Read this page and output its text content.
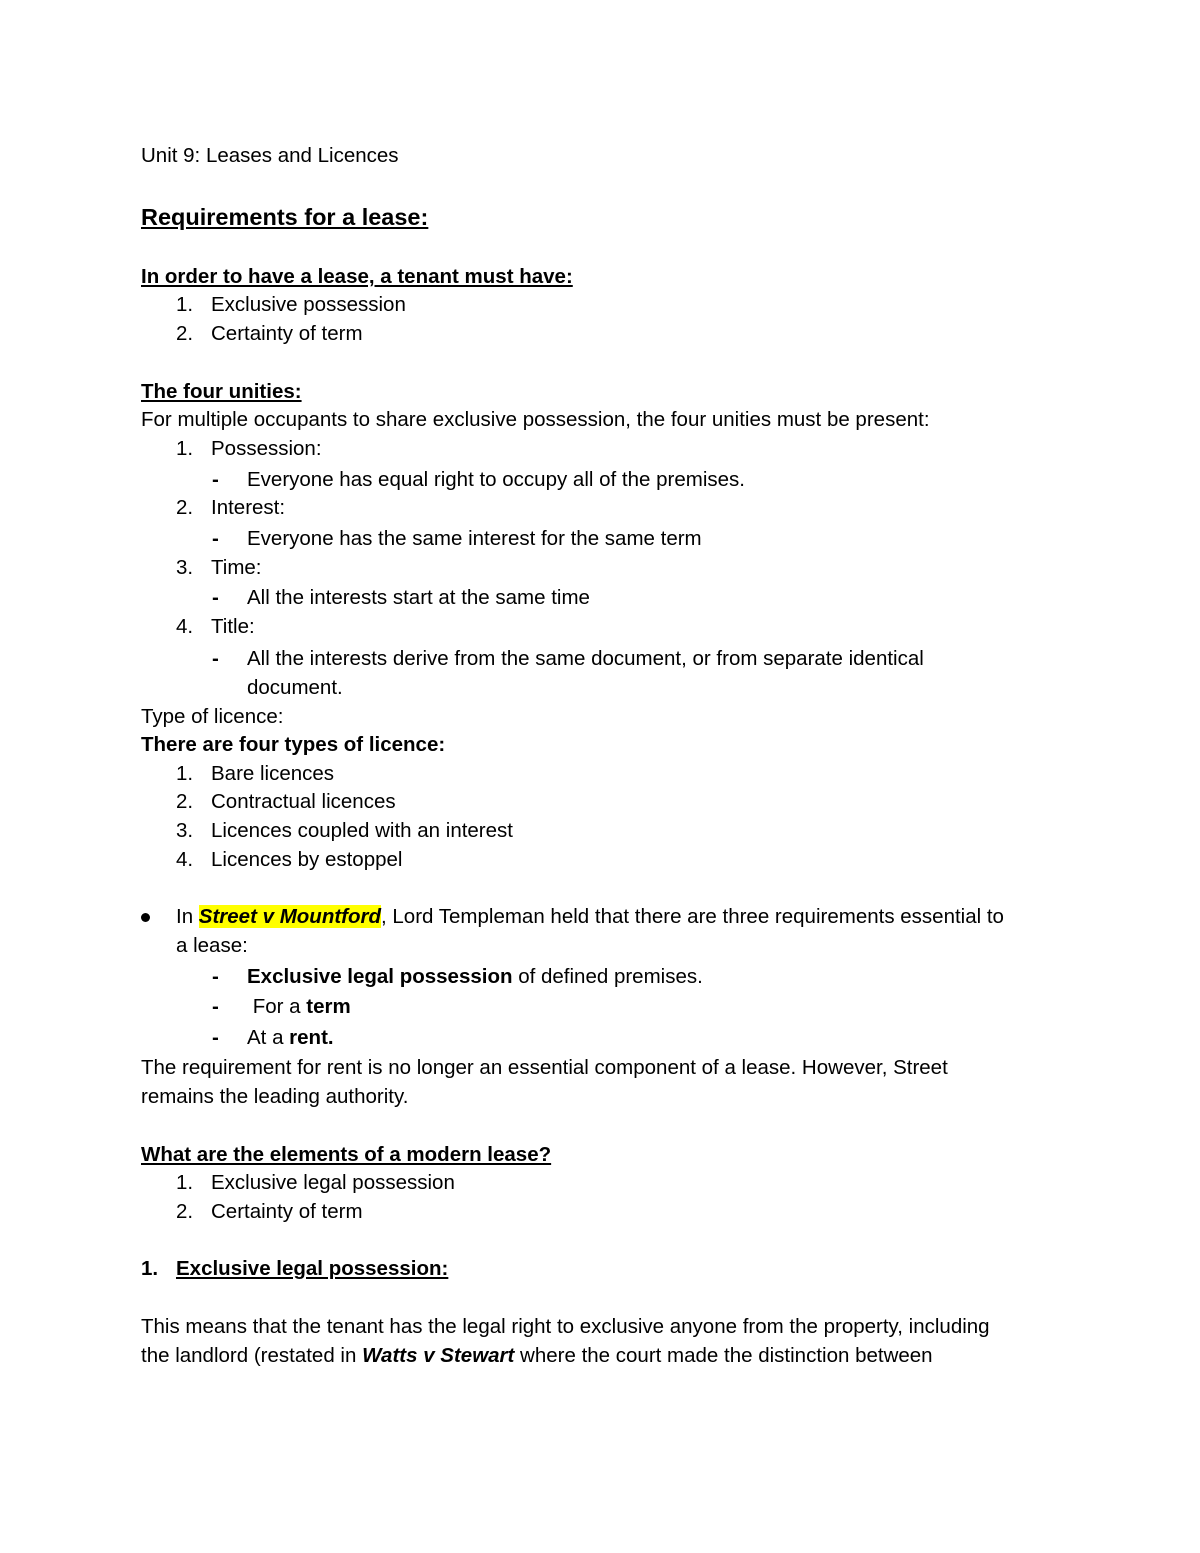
Unit 9: Leases and Licences
Requirements for a lease:
In order to have a lease, a tenant must have:
1. Exclusive possession
2. Certainty of term
The four unities:
For multiple occupants to share exclusive possession, the four unities must be present:
1. Possession:
- Everyone has equal right to occupy all of the premises.
2. Interest:
- Everyone has the same interest for the same term
3. Time:
- All the interests start at the same time
4. Title:
- All the interests derive from the same document, or from separate identical
document.
Type of licence:
There are four types of licence:
1. Bare licences
2. Contractual licences
3. Licences coupled with an interest
4. Licences by estoppel
In Street v Mountford, Lord Templeman held that there are three requirements essential to
a lease:
- Exclusive legal possession of defined premises.
- For a term
- At a rent.
The requirement for rent is no longer an essential component of a lease. However, Street
remains the leading authority.
What are the elements of a modern lease?
1. Exclusive legal possession
2. Certainty of term
1. Exclusive legal possession:
This means that the tenant has the legal right to exclusive anyone from the property, including
the landlord (restated in Watts v Stewart where the court made the distinction between
